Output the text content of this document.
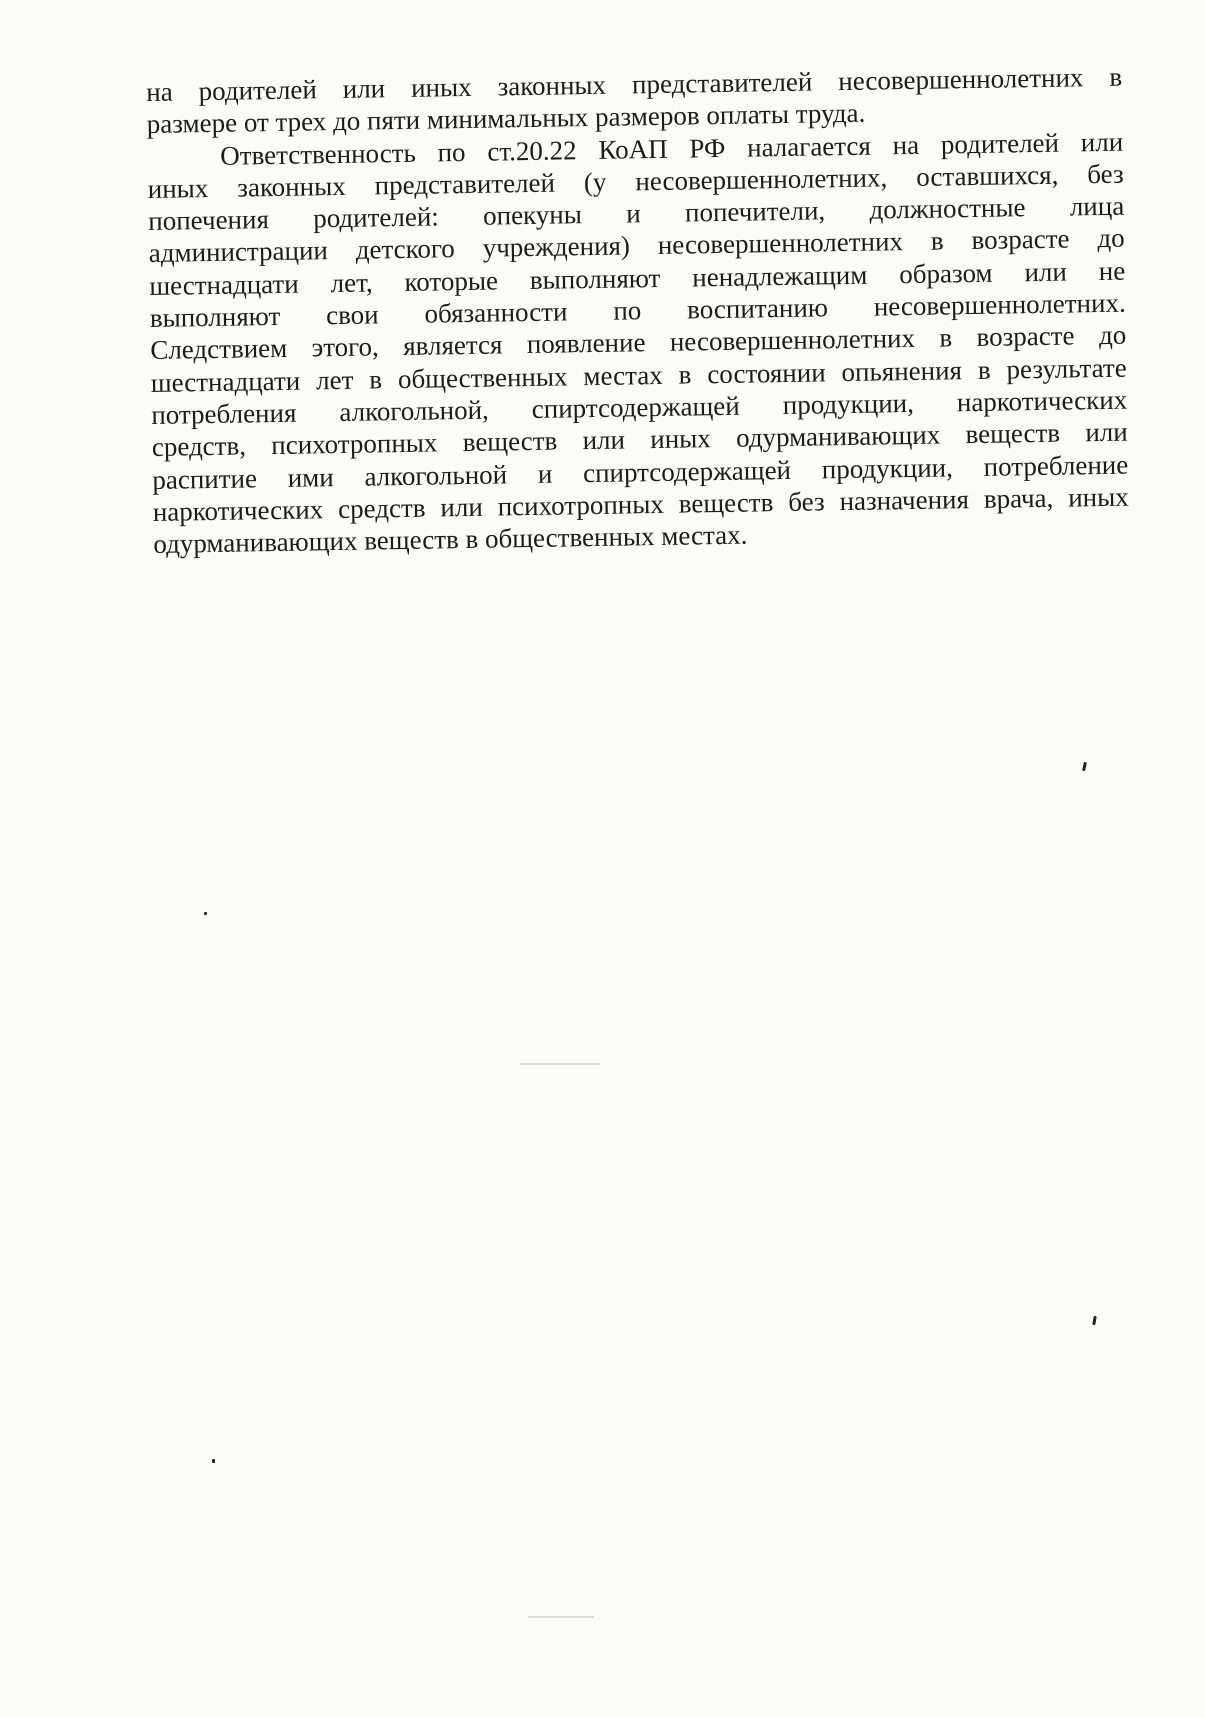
на родителей или иных законных представителей несовершеннолетних в
размере от трех до пяти минимальных размеров оплаты труда.
Ответственность по ст.20.22 КоАП РФ налагается на родителей или
иных законных представителей (у несовершеннолетних, оставшихся, без
попечения родителей: опекуны и попечители, должностные лица
администрации детского учреждения) несовершеннолетних в возрасте до
шестнадцати лет, которые выполняют ненадлежащим образом или не
выполняют свои обязанности по воспитанию несовершеннолетних.
Следствием этого, является появление несовершеннолетних в возрасте до
шестнадцати лет в общественных местах в состоянии опьянения в результате
потребления алкогольной, спиртсодержащей продукции, наркотических
средств, психотропных веществ или иных одурманивающих веществ или
распитие ими алкогольной и спиртсодержащей продукции, потребление
наркотических средств или психотропных веществ без назначения врача, иных
одурманивающих веществ в общественных местах.
